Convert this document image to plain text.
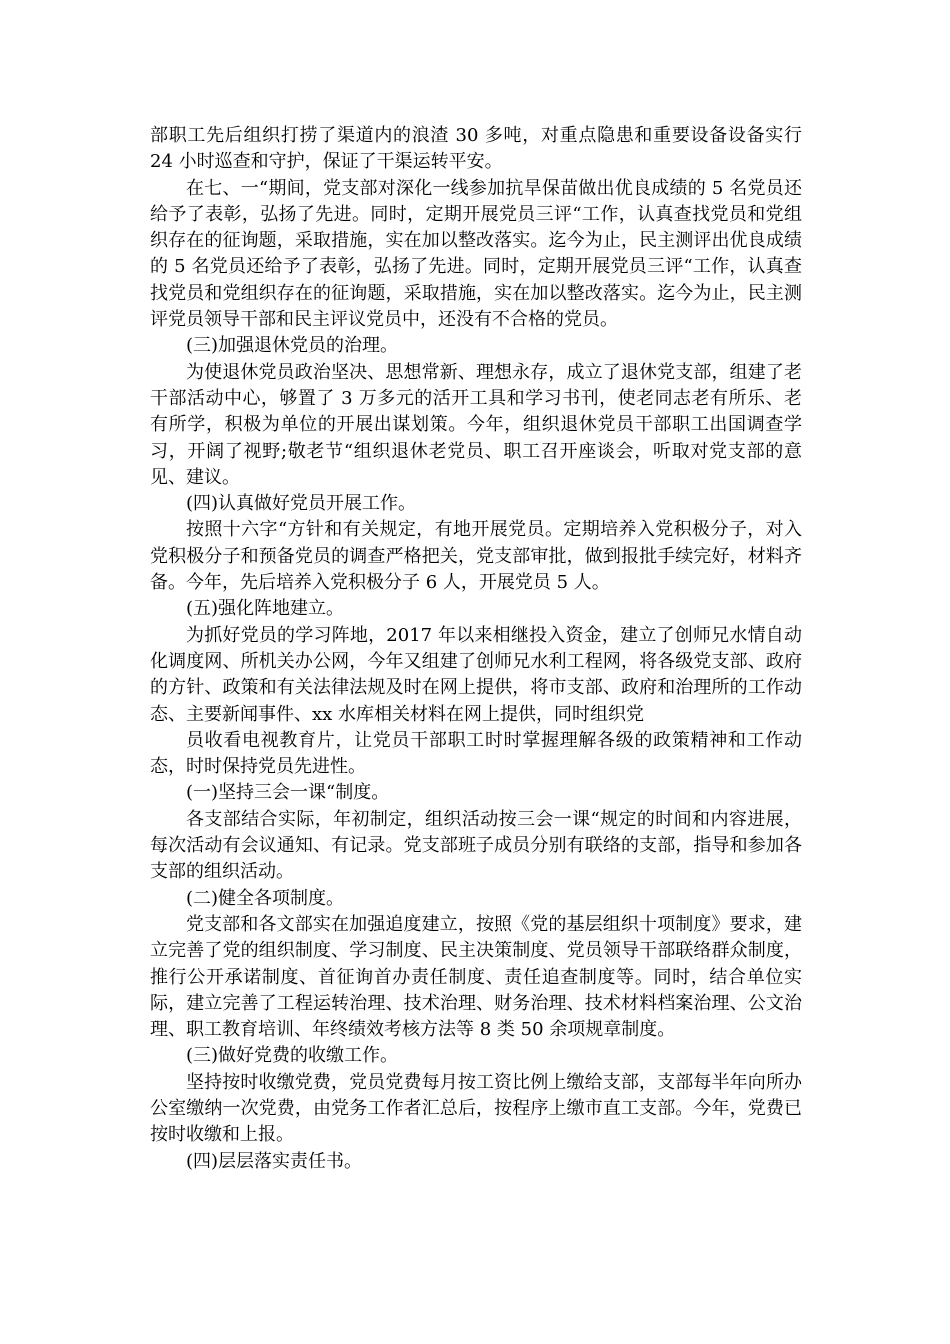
部职工先后组织打捞了渠道内的浪渣 30 多吨，对重点隐患和重要设备设备实行 24 小时巡查和守护，保证了干渠运转平安。

在七、一“期间，党支部对深化一线参加抗旱保苗做出优良成绩的 5 名党员还给予了表彰，弘扬了先进。同时，定期开展党员三评“工作，认真查找党员和党组织存在的征询题，采取措施，实在加以整改落实。迄今为止，民主测评出优良成绩的 5 名党员还给予了表彰，弘扬了先进。同时，定期开展党员三评“工作，认真查找党员和党组织存在的征询题，采取措施，实在加以整改落实。迄今为止，民主测评党员领导干部和民主评议党员中，还没有不合格的党员。

(三)加强退休党员的治理。

为使退休党员政治坚决、思想常新、理想永存，成立了退休党支部，组建了老干部活动中心，够置了 3 万多元的活开工具和学习书刊，使老同志老有所乐、老有所学，积极为单位的开展出谋划策。今年，组织退休党员干部职工出国调查学习，开阔了视野;敬老节“组织退休老党员、职工召开座谈会，听取对党支部的意见、建议。

(四)认真做好党员开展工作。

按照十六字“方针和有关规定，有地开展党员。定期培养入党积极分子，对入党积极分子和预备党员的调查严格把关，党支部审批，做到报批手续完好，材料齐备。今年，先后培养入党积极分子 6 人，开展党员 5 人。

(五)强化阵地建立。

为抓好党员的学习阵地，2017 年以来相继投入资金，建立了创师兄水情自动化调度网、所机关办公网，今年又组建了创师兄水利工程网，将各级党支部、政府的方针、政策和有关法律法规及时在网上提供，将市支部、政府和治理所的工作动态、主要新闻事件、xx 水库相关材料在网上提供，同时组织党

员收看电视教育片，让党员干部职工时时掌握理解各级的政策精神和工作动态，时时保持党员先进性。

(一)坚持三会一课“制度。

各支部结合实际，年初制定，组织活动按三会一课“规定的时间和内容进展，每次活动有会议通知、有记录。党支部班子成员分别有联络的支部，指导和参加各支部的组织活动。

(二)健全各项制度。

党支部和各文部实在加强追度建立，按照《党的基层组织十项制度》要求，建立完善了党的组织制度、学习制度、民主决策制度、党员领导干部联络群众制度，推行公开承诺制度、首征询首办责任制度、责任追查制度等。同时，结合单位实际，建立完善了工程运转治理、技术治理、财务治理、技术材料档案治理、公文治理、职工教育培训、年终绩效考核方法等 8 类 50 余项规章制度。

(三)做好党费的收缴工作。

坚持按时收缴党费，党员党费每月按工资比例上缴给支部，支部每半年向所办公室缴纳一次党费，由党务工作者汇总后，按程序上缴市直工支部。今年，党费已按时收缴和上报。

(四)层层落实责任书。
